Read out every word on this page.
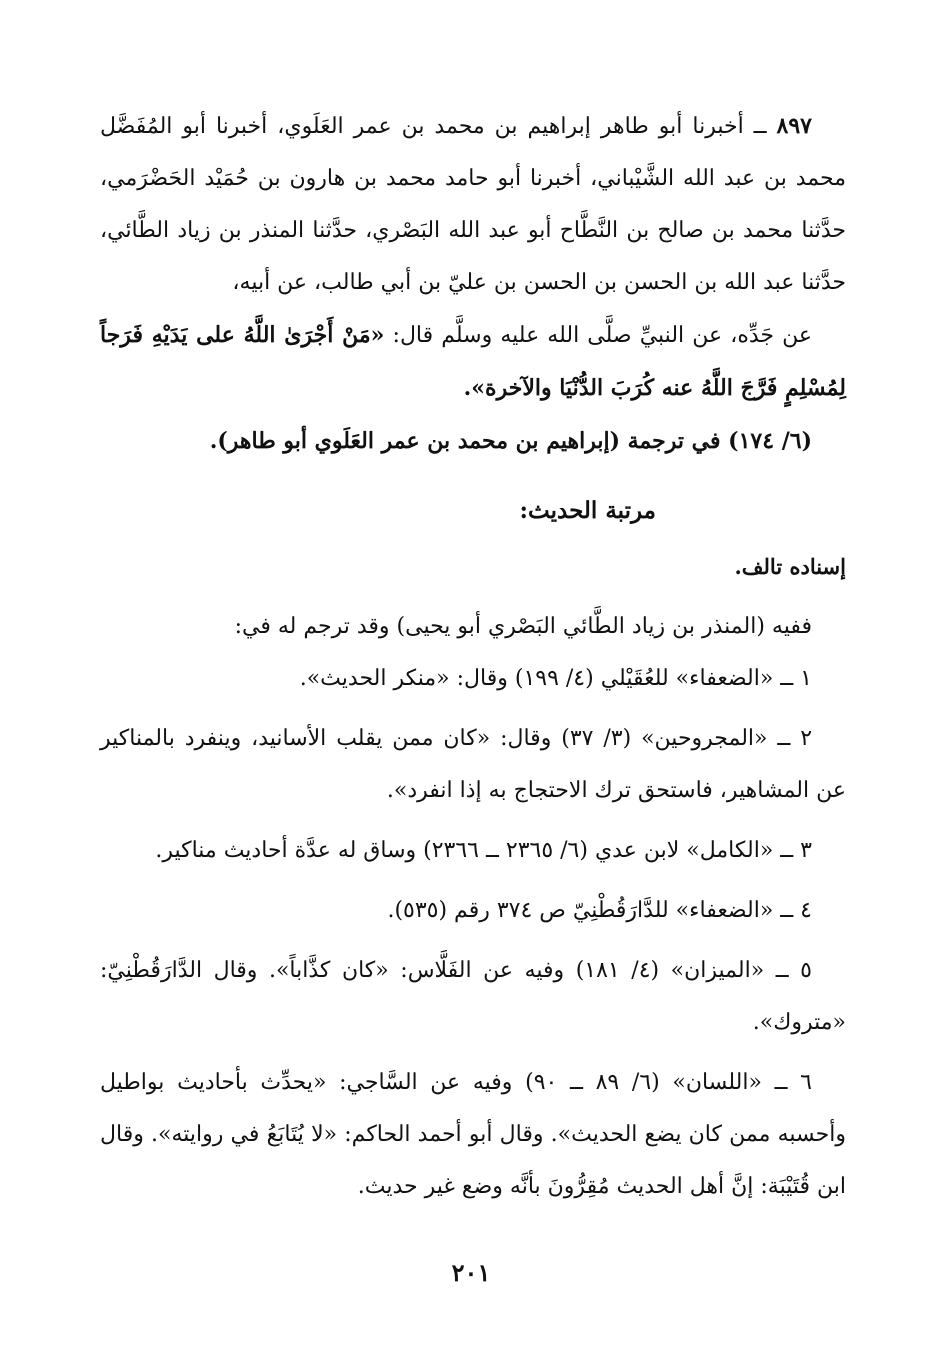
٨٩٧ ــ أخبرنا أبو طاهر إبراهيم بن محمد بن عمر العَلَوي، أخبرنا أبو المُفَضَّل محمد بن عبد الله الشَّيْباني، أخبرنا أبو حامد محمد بن هارون بن حُمَيْد الحَضْرَمي، حدَّثنا محمد بن صالح بن النَّطَّاح أبو عبد الله البَصْري، حدَّثنا المنذر بن زياد الطَّائي، حدَّثنا عبد الله بن الحسن بن الحسن بن عليّ بن أبي طالب، عن أبيه،

عن جَدِّه، عن النبيِّ صلَّى الله عليه وسلَّم قال: «مَنْ أَجْرَىٰ اللَّهُ على يَدَيْهِ فَرَجاً لِمُسْلِمٍ فَرَّجَ اللَّهُ عنه كُرَبَ الدُّنْيَا والآخرة».

(٦/ ١٧٤) في ترجمة (إبراهيم بن محمد بن عمر العَلَوي أبو طاهر).

مرتبة الحديث:

إسناده تالف.

ففيه (المنذر بن زياد الطَّائي البَصْري أبو يحيى) وقد ترجم له في:

١ ــ «الضعفاء» للعُقَيْلي (٤/ ١٩٩) وقال: «منكر الحديث».

٢ ــ «المجروحين» (٣/ ٣٧) وقال: «كان ممن يقلب الأسانيد، وينفرد بالمناكير عن المشاهير، فاستحق ترك الاحتجاج به إذا انفرد».

٣ ــ «الكامل» لابن عدي (٦/ ٢٣٦٥ ــ ٢٣٦٦) وساق له عدَّة أحاديث مناكير.

٤ ــ «الضعفاء» للدَّارَقُطْنِيّ ص ٣٧٤ رقم (٥٣٥).

٥ ــ «الميزان» (٤/ ١٨١) وفيه عن الفَلَّاس: «كان كذَّاباً». وقال الدَّارَقُطْنِيّ: «متروك».

٦ ــ «اللسان» (٦/ ٨٩ ــ ٩٠) وفيه عن السَّاجي: «يحدِّث بأحاديث بواطيل وأحسبه ممن كان يضع الحديث». وقال أبو أحمد الحاكم: «لا يُتَابَعُ في روايته». وقال ابن قُتَيْبَة: إنَّ أهل الحديث مُقِرُّونَ بأنَّه وضع غير حديث.

٢٠١
